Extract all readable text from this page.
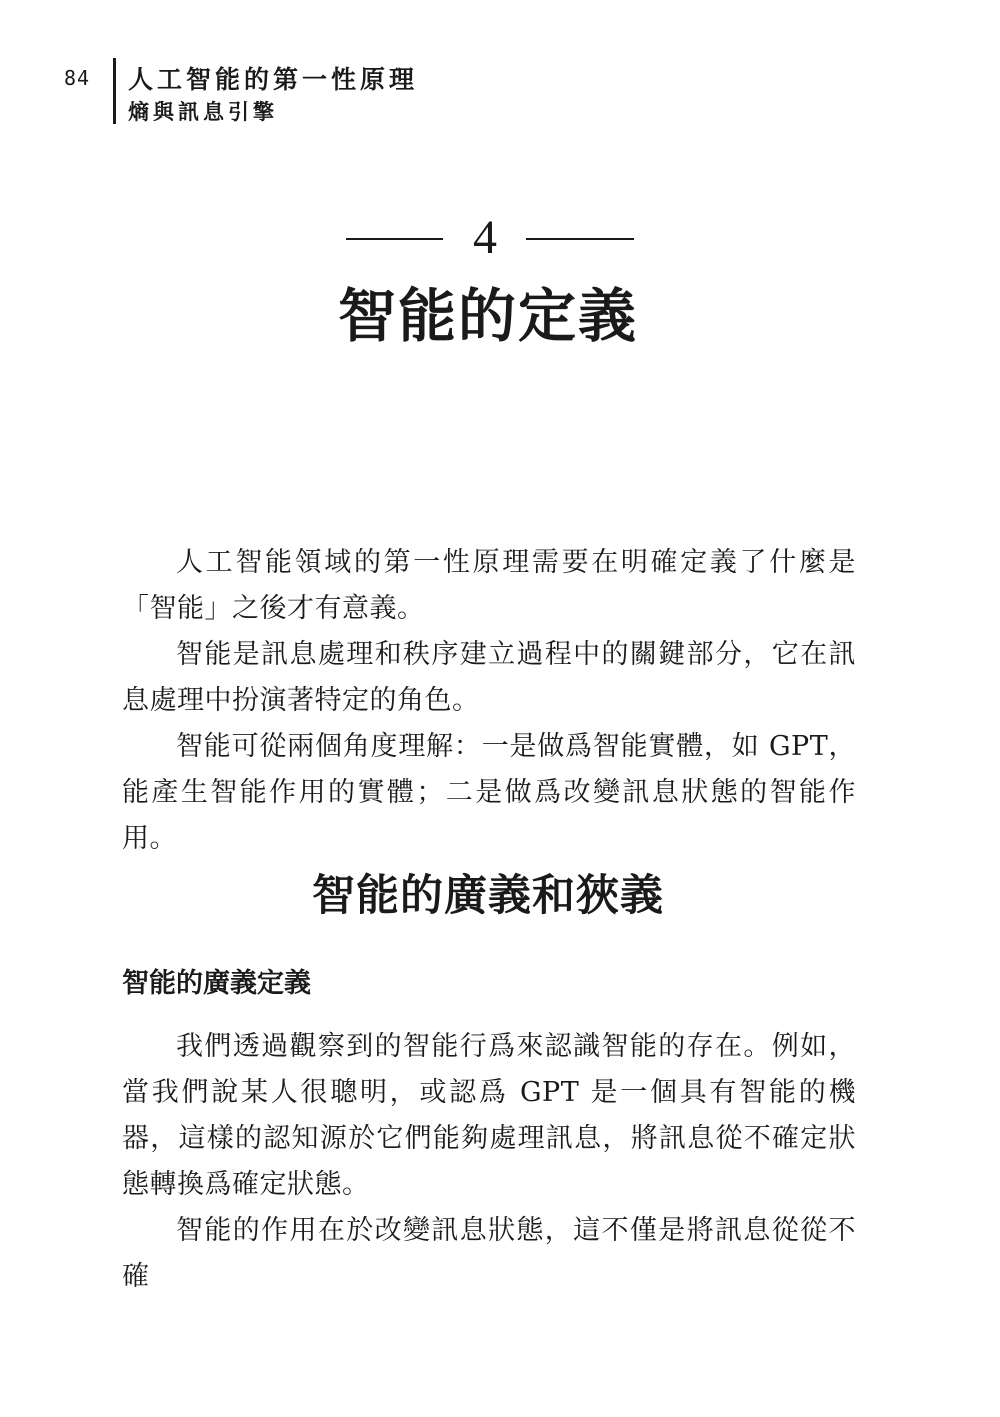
84 人工智能的第一性原理
熵與訊息引擎
4
智能的定義

人工智能領域的第一性原理需要在明確定義了什麼是「智能」之後才有意義。

智能是訊息處理和秩序建立過程中的關鍵部分，它在訊息處理中扮演著特定的角色。

智能可從兩個角度理解：一是做爲智能實體，如 GPT，能產生智能作用的實體；二是做爲改變訊息狀態的智能作用。

智能的廣義和狹義
智能的廣義定義

我們透過觀察到的智能行爲來認識智能的存在。例如，當我們說某人很聰明，或認爲 GPT 是一個具有智能的機器，這樣的認知源於它們能夠處理訊息，將訊息從不確定狀態轉換爲確定狀態。

智能的作用在於改變訊息狀態，這不僅是將訊息從從不確
